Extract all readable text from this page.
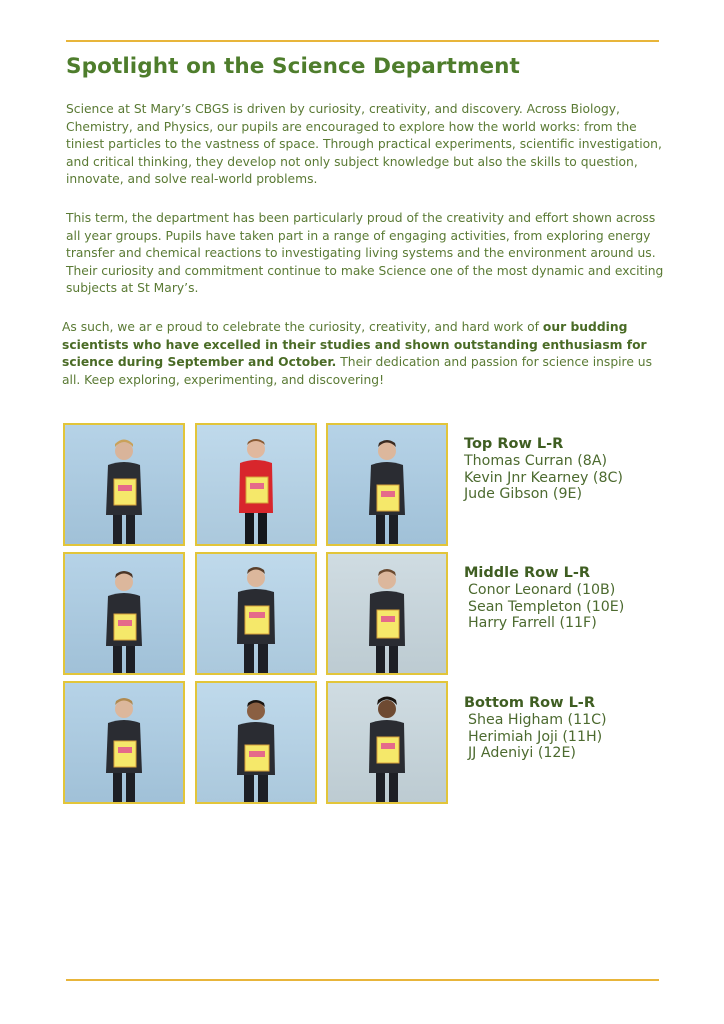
Spotlight on the Science Department

Science at St Mary’s CBGS is driven by curiosity, creativity, and discovery. Across Biology, Chemistry, and Physics, our pupils are encouraged to explore how the world works: from the tiniest particles to the vastness of space. Through practical experiments, scientific investigation, and critical thinking, they develop not only subject knowledge but also the skills to question, innovate, and solve real-world problems.

This term, the department has been particularly proud of the creativity and effort shown across all year groups. Pupils have taken part in a range of engaging activities, from exploring energy transfer and chemical reactions to investigating living systems and the environment around us. Their curiosity and commitment continue to make Science one of the most dynamic and exciting subjects at St Mary’s.

As such, we ar e proud to celebrate the curiosity, creativity, and hard work of our budding scientists who have excelled in their studies and shown outstanding enthusiasm for science during September and October. Their dedication and passion for science inspire us all. Keep exploring, experimenting, and discovering!

Top Row L-R
Thomas Curran (8A)
Kevin Jnr Kearney (8C)
Jude Gibson (9E)
Middle Row L-R
Conor Leonard (10B)
Sean Templeton (10E)
Harry Farrell (11F)
Bottom Row L-R
Shea Higham (11C)
Herimiah Joji (11H)
JJ Adeniyi (12E)
